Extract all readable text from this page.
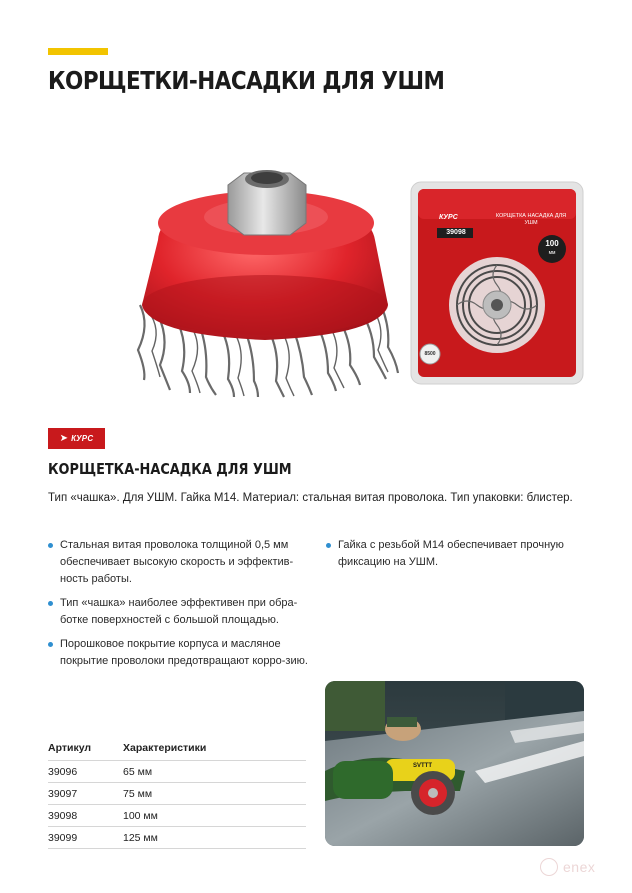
КОРЩЕТКИ-НАСАДКИ ДЛЯ УШМ
КУРС	КОРЩЕТКА НАСАДКА ДЛЯ УШМ
39098
100
мм
8500
➤ КУРС
КОРЩЕТКА-НАСАДКА ДЛЯ УШМ

Тип «чашка». Для УШМ. Гайка М14. Материал: стальная витая проволока. Тип упаковки: блистер.

Стальная витая проволока толщиной 0,5 мм обеспечивает высокую скорость и эффектив-ность работы.
Тип «чашка» наиболее эффективен при обра-ботке поверхностей с большой площадью.
Порошковое покрытие корпуса и масляное покрытие проволоки предотвращают корро-зию.
Гайка с резьбой М14 обеспечивает прочную фиксацию на УШМ.
Артикул	Характеристики
39096	65 мм
39097	75 мм
39098	100 мм
39099	125 мм
SVTTT
enex
